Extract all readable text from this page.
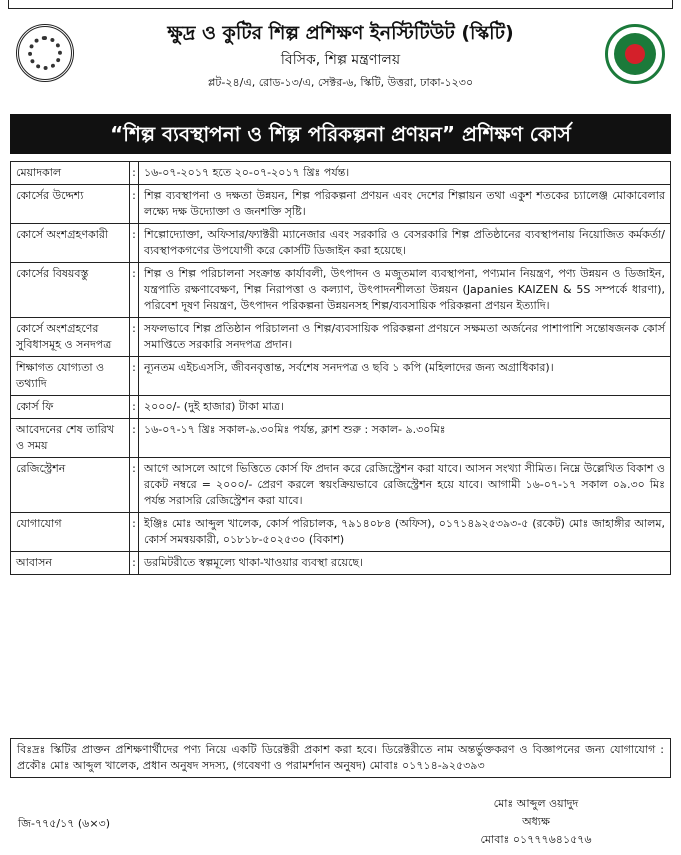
ক্ষুদ্র ও কুটির শিল্প প্রশিক্ষণ ইনস্টিটিউট (স্কিটি)
বিসিক, শিল্প মন্ত্রণালয়
প্লট-২৪/এ, রোড-১৩/এ, সেক্টর-৬, স্কিটি, উত্তরা, ঢাকা-১২৩০
“শিল্প ব্যবস্থাপনা ও শিল্প পরিকল্পনা প্রণয়ন” প্রশিক্ষণ কোর্স
মেয়াদকাল	:	১৬-০৭-২০১৭ হতে ২০-০৭-২০১৭ খ্রিঃ পর্যন্ত।
কোর্সের উদ্দেশ্য	:	শিল্প ব্যবস্থাপনা ও দক্ষতা উন্নয়ন, শিল্প পরিকল্পনা প্রণয়ন এবং দেশের শিল্পায়ন তথা একুশ শতকের চ্যালেঞ্জ মোকাবেলার লক্ষ্যে দক্ষ উদ্যোক্তা ও জনশক্তি সৃষ্টি।
কোর্সে অংশগ্রহণকারী	:	শিল্পোদ্যোক্তা, অফিসার/ফ্যাক্টরী ম্যানেজার এবং সরকারি ও বেসরকারি শিল্প প্রতিষ্ঠানের ব্যবস্থাপনায় নিয়োজিত কর্মকর্তা/ব্যবস্থাপকগণের উপযোগী করে কোর্সটি ডিজাইন করা হয়েছে।
কোর্সের বিষয়বস্তু	:	শিল্প ও শিল্প পরিচালনা সংক্রান্ত কার্যাবলী, উৎপাদন ও মজুতমাল ব্যবস্থাপনা, পণ্যমান নিয়ন্ত্রণ, পণ্য উন্নয়ন ও ডিজাইন, যন্ত্রপাতি রক্ষণাবেক্ষণ, শিল্প নিরাপত্তা ও কল্যাণ, উৎপাদনশীলতা উন্নয়ন (Japanies KAIZEN & 5S সম্পর্কে ধারণা), পরিবেশ দূষণ নিয়ন্ত্রণ, উৎপাদন পরিকল্পনা উন্নয়নসহ শিল্প/ব্যবসায়িক পরিকল্পনা প্রণয়ন ইত্যাদি।
কোর্সে অংশগ্রহণের সুবিধাসমূহ ও সনদপত্র	:	সফলভাবে শিল্প প্রতিষ্ঠান পরিচালনা ও শিল্প/ব্যবসায়িক পরিকল্পনা প্রণয়নে সক্ষমতা অর্জনের পাশাপাশি সন্তোষজনক কোর্স সমাপ্তিতে সরকারি সনদপত্র প্রদান।
শিক্ষাগত যোগ্যতা ও তথ্যাদি	:	ন্যূনতম এইচএসসি, জীবনবৃত্তান্ত, সর্বশেষ সনদপত্র ও ছবি ১ কপি (মহিলাদের জন্য অগ্রাধিকার)।
কোর্স ফি	:	২০০০/- (দুই হাজার) টাকা মাত্র।
আবেদনের শেষ তারিখ ও সময়	:	১৬-০৭-১৭ খ্রিঃ সকাল-৯.৩০মিঃ পর্যন্ত, ক্লাশ শুরু : সকাল- ৯.৩০মিঃ
রেজিস্ট্রেশন	:	আগে আসলে আগে ভিত্তিতে কোর্স ফি প্রদান করে রেজিস্ট্রেশন করা যাবে। আসন সংখ্যা সীমিত। নিম্নে উল্লেখিত বিকাশ ও রকেট নম্বরে = ২০০০/- প্রেরণ করলে স্বয়ংক্রিয়ভাবে রেজিস্ট্রেশন হয়ে যাবে। আগামী ১৬-০৭-১৭ সকাল ০৯.৩০ মিঃ পর্যন্ত সরাসরি রেজিস্ট্রেশন করা যাবে।
যোগাযোগ	:	ইঞ্জিঃ মোঃ আব্দুল খালেক, কোর্স পরিচালক, ৭৯১৪০৮৪ (অফিস), ০১৭১৪৯২৫৩৯৩-৫ (রকেট) মোঃ জাহাঙ্গীর আলম, কোর্স সমন্বয়কারী, ০১৮১৮-৫০২৫৩০ (বিকাশ)
আবাসন	:	ডরমিটরীতে স্বল্পমূল্যে থাকা-খাওয়ার ব্যবস্থা রয়েছে।
বিঃদ্রঃ স্কিটির প্রাক্তন প্রশিক্ষণার্থীদের পণ্য নিয়ে একটি ডিরেক্টরী প্রকাশ করা হবে। ডিরেক্টরীতে নাম অন্তর্ভুক্তকরণ ও বিজ্ঞাপনের জন্য যোগাযোগ : প্রকৌঃ মোঃ আব্দুল খালেক, প্রধান অনুষদ সদস্য, (গবেষণা ও পরামর্শদান অনুষদ) মোবাঃ ০১৭১৪-৯২৫৩৯৩
জি-৭৭৫/১৭ (৬×৩)
মোঃ আব্দুল ওয়াদুদ
অধ্যক্ষ
মোবাঃ ০১৭৭৭৬৪১৫৭৬
